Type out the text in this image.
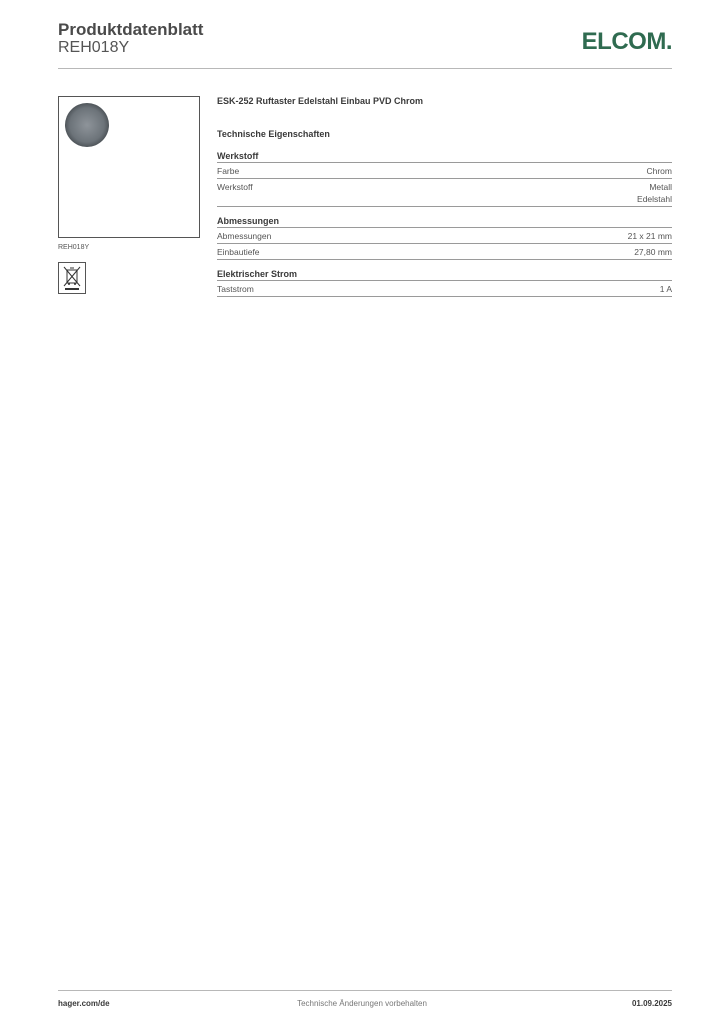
Produktdatenblatt
REH018Y	ELCOM.
REH018Y
ESK-252 Ruftaster Edelstahl Einbau PVD Chrom
Technische Eigenschaften
Werkstoff
Farbe	Chrom
Werkstoff	Metall
Edelstahl
Abmessungen
Abmessungen	21 x 21 mm
Einbautiefe	27,80 mm
Elektrischer Strom
Taststrom	1 A
hager.com/de	Technische Änderungen vorbehalten	01.09.2025
